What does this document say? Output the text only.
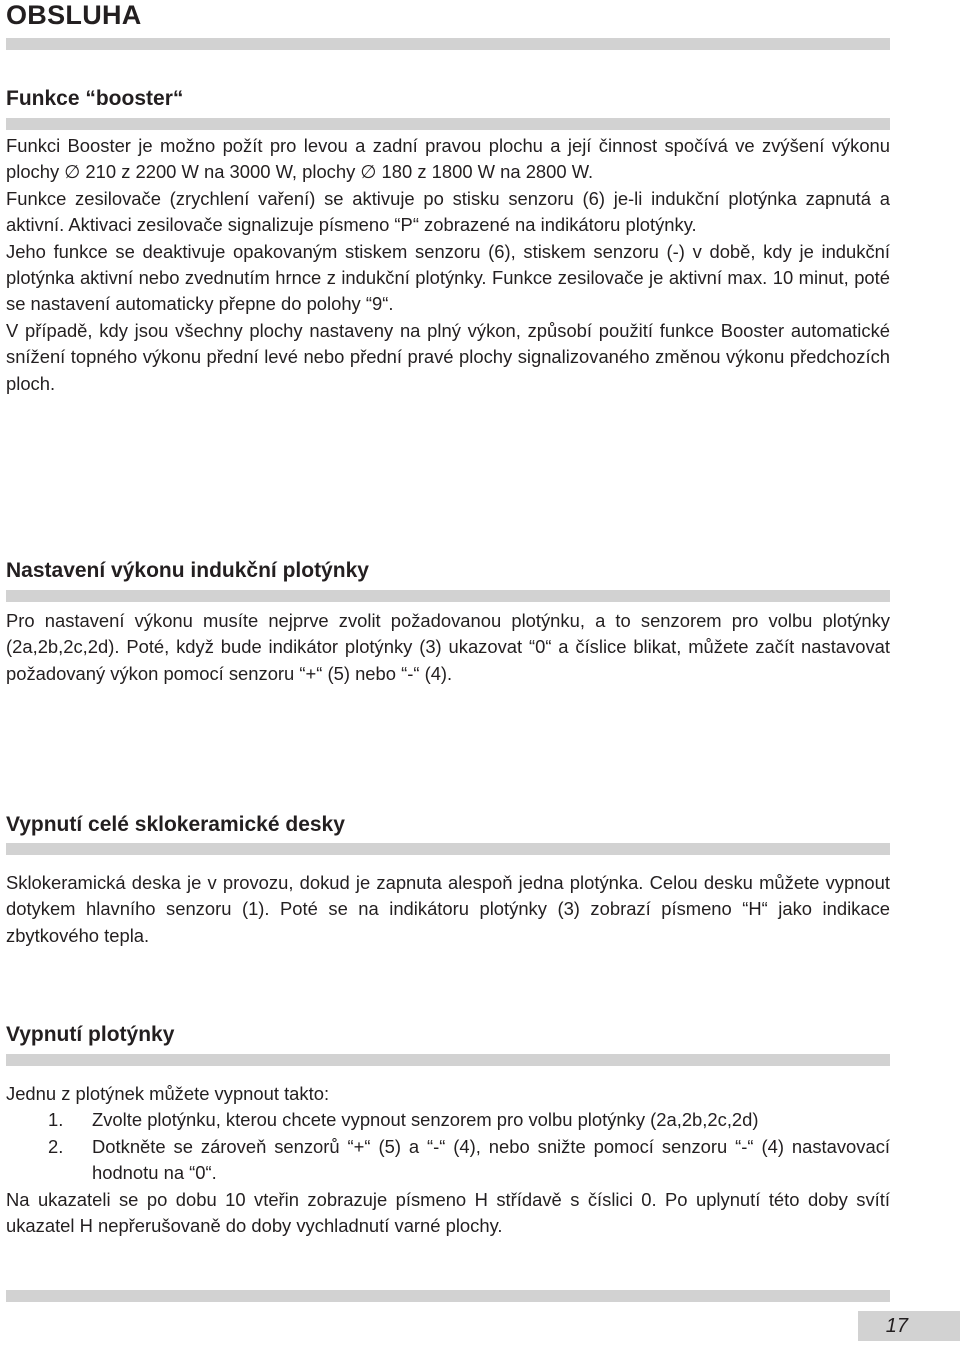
OBSLUHA
Funkce “booster“

Funkci Booster je možno požít pro levou a zadní pravou plochu a její činnost spočívá ve zvýšení výkonu plochy ∅ 210 z 2200 W na 3000 W, plochy ∅ 180 z 1800 W na 2800 W.

Funkce zesilovače (zrychlení vaření) se aktivuje po stisku senzoru (6) je-li indukční plotýnka zapnutá a aktivní. Aktivaci zesilovače signalizuje písmeno “P“ zobrazené na indikátoru plotýnky.

Jeho funkce se deaktivuje opakovaným stiskem senzoru (6), stiskem senzoru (-) v době, kdy je indukční plotýnka aktivní nebo zvednutím hrnce z indukční plotýnky. Funkce zesilovače je aktivní max. 10 minut, poté se nastavení automaticky přepne do polohy “9“.

V případě, kdy jsou všechny plochy nastaveny na plný výkon, způsobí použití funkce Booster automatické snížení topného výkonu přední levé nebo přední pravé plochy signalizovaného změnou výkonu předchozích ploch.

Nastavení výkonu indukční plotýnky

Pro nastavení výkonu musíte nejprve zvolit požadovanou plotýnku, a to senzorem pro volbu plotýnky (2a,2b,2c,2d). Poté, když bude indikátor plotýnky (3) ukazovat “0“ a číslice blikat, můžete začít nastavovat požadovaný výkon pomocí senzoru “+“ (5) nebo “-“ (4).

Vypnutí celé sklokeramické desky

Sklokeramická deska je v provozu, dokud je zapnuta alespoň jedna plotýnka. Celou desku můžete vypnout dotykem hlavního senzoru (1). Poté se na indikátoru plotýnky (3) zobrazí písmeno “H“ jako indikace zbytkového tepla.

Vypnutí plotýnky

Jednu z plotýnek můžete vypnout takto:

1. Zvolte plotýnku, kterou chcete vypnout senzorem pro volbu plotýnky (2a,2b,2c,2d)
2. Dotkněte se zároveň senzorů “+“ (5) a “-“ (4), nebo snižte pomocí senzoru “-“ (4) nastavovací hodnotu na “0“.

Na ukazateli se po dobu 10 vteřin zobrazuje písmeno H střídavě s číslici 0. Po uplynutí této doby svítí ukazatel H nepřerušovaně do doby vychladnutí varné plochy.

17
